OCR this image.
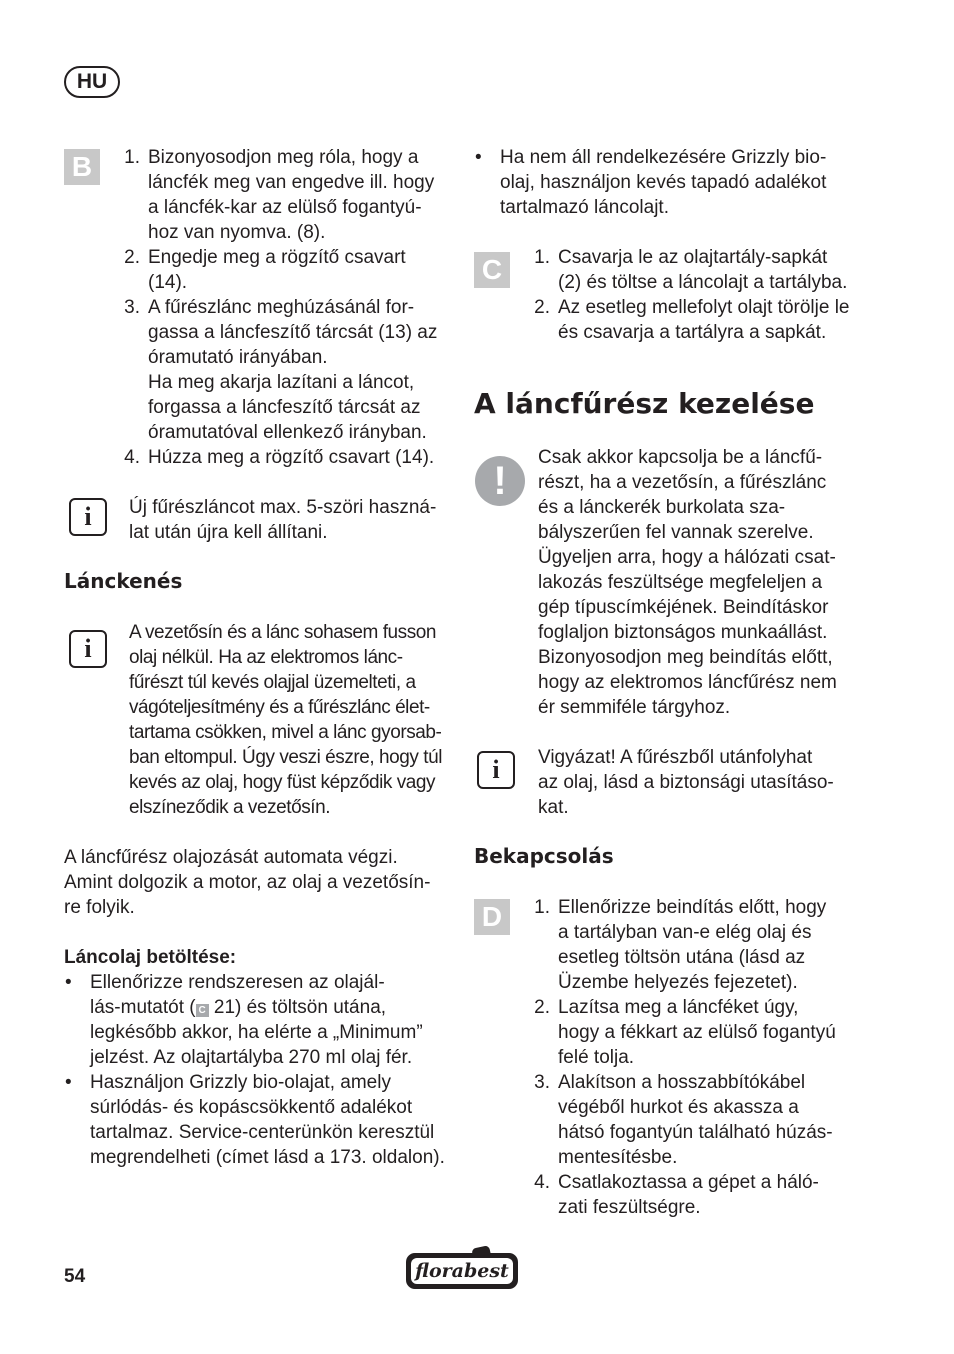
HU
B	1. Bizonyosodjon meg róla, hogy a
láncfék meg van engedve ill. hogy
a láncfék-kar az elülső fogantyú-
hoz van nyomva. (8).
2. Engedje meg a rögzítő csavart
(14).
3. A fűrészlánc meghúzásánál for-
gassa a láncfeszítő tárcsát (13) az
óramutató irányában.
Ha meg akarja lazítani a láncot,
forgassa a láncfeszítő tárcsát az
óramutatóval ellenkező irányban.
4. Húzza meg a rögzítő csavart (14).
i	Új fűrészláncot max. 5-szöri haszná-
lat után újra kell állítani.
Lánckenés
i
A vezetősín és a lánc sohasem fusson
olaj nélkül. Ha az elektromos lánc-
fűrészt túl kevés olajjal üzemelteti, a
vágóteljesítmény és a fűrészlánc élet-
tartama csökken, mivel a lánc gyorsab-
ban eltompul. Úgy veszi észre, hogy túl
kevés az olaj, hogy füst képződik vagy
elszíneződik a vezetősín.
A láncfűrész olajozását automata végzi.
Amint dolgozik a motor, az olaj a vezetősín-
re folyik.
Láncolaj betöltése:
• Ellenőrizze rendszeresen az olajál-
lás-mutatót ( C 21) és töltsön utána,
legkésőbb akkor, ha elérte a „Minimum”
jelzést. Az olajtartályba 270 ml olaj fér.
• Használjon Grizzly bio-olajat, amely
súrlódás- és kopáscsökkentő adalékot
tartalmaz. Service-centerünkön keresztül
megrendelheti (címet lásd a 173. oldalon).
• Ha nem áll rendelkezésére Grizzly bio-
olaj, használjon kevés tapadó adalékot
tartalmazó láncolajt.
C	1. Csavarja le az olajtartály-sapkát
(2) és töltse a láncolajt a tartályba.
2. Az esetleg mellefolyt olajt törölje le
és csavarja a tartályra a sapkát.
A láncfűrész kezelése
!
Csak akkor kapcsolja be a láncfű-
részt, ha a vezetősín, a fűrészlánc
és a lánckerék burkolata sza-
bályszerűen fel vannak szerelve.
Ügyeljen arra, hogy a hálózati csat-
lakozás feszültsége megfeleljen a
gép típuscímkéjének. Beindításkor
foglaljon biztonságos munkaállást.
Bizonyosodjon meg beindítás előtt,
hogy az elektromos láncfűrész nem
ér semmiféle tárgyhoz.
i	Vigyázat! A fűrészből utánfolyhat
az olaj, lásd a biztonsági utasításo-
kat.
Bekapcsolás
D	1. Ellenőrizze beindítás előtt, hogy
a tartályban van-e elég olaj és
esetleg töltsön utána (lásd az
Üzembe helyezés fejezetet).
2. Lazítsa meg a láncféket úgy,
hogy a fékkart az elülső fogantyú
felé tolja.
3. Alakítson a hosszabbítókábel
végéből hurkot és akassza a
hátsó fogantyún található húzás-
mentesítésbe.
4. Csatlakoztassa a gépet a háló-
zati feszültségre.
54	florabest
